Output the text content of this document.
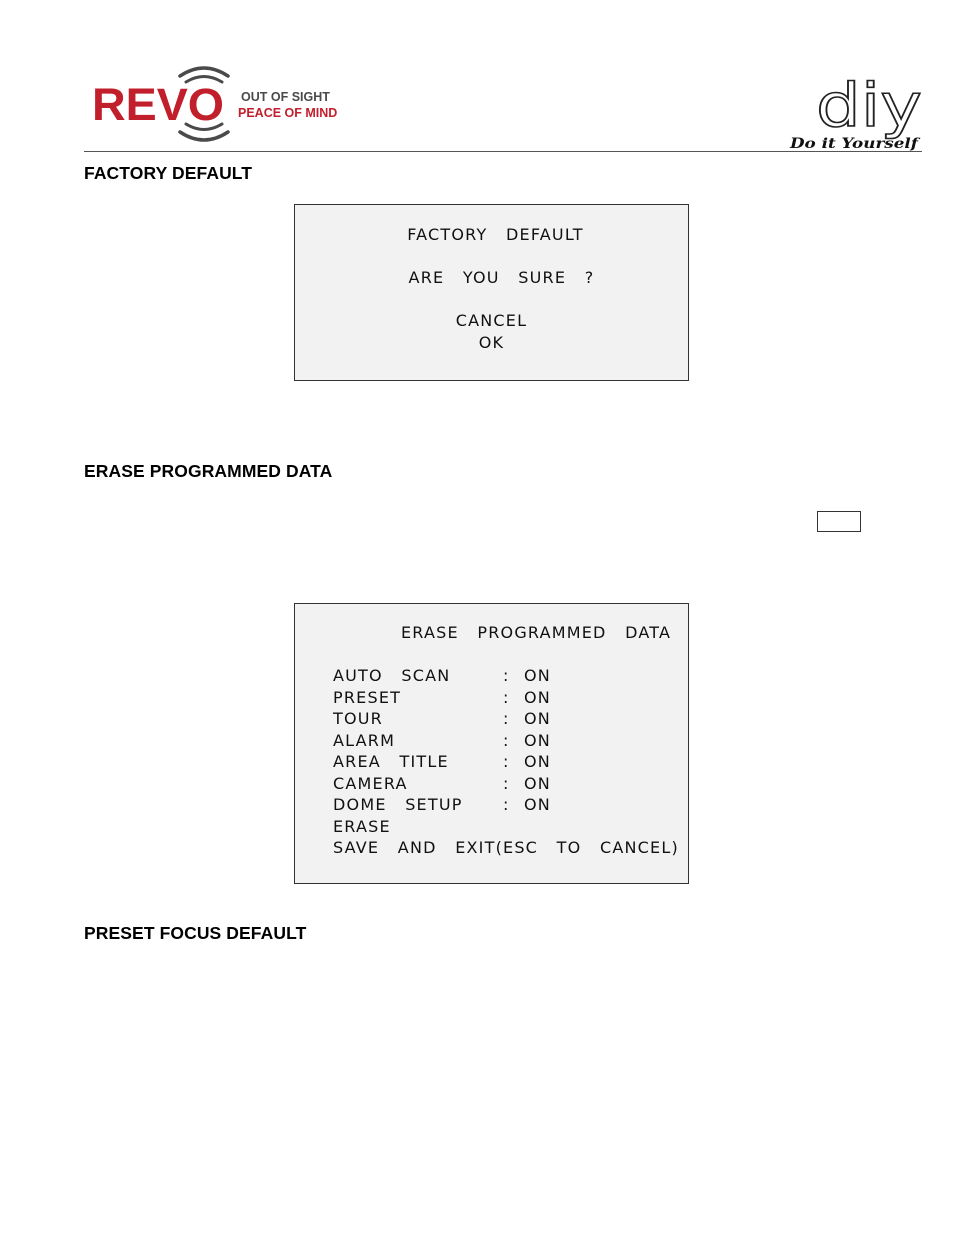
REVO OUT OF SIGHT
PEACE OF MIND	diy
Do it Yourself
FACTORY DEFAULT
FACTORY  DEFAULT
ARE  YOU  SURE  ?
CANCEL
OK
ERASE PROGRAMMED DATA
ERASE  PROGRAMMED  DATA
AUTO  SCAN	: ON
PRESET	: ON
TOUR	: ON
ALARM	: ON
AREA  TITLE	: ON
CAMERA	: ON
DOME  SETUP	: ON
ERASE
SAVE  AND  EXIT(ESC  TO  CANCEL)
PRESET FOCUS DEFAULT
